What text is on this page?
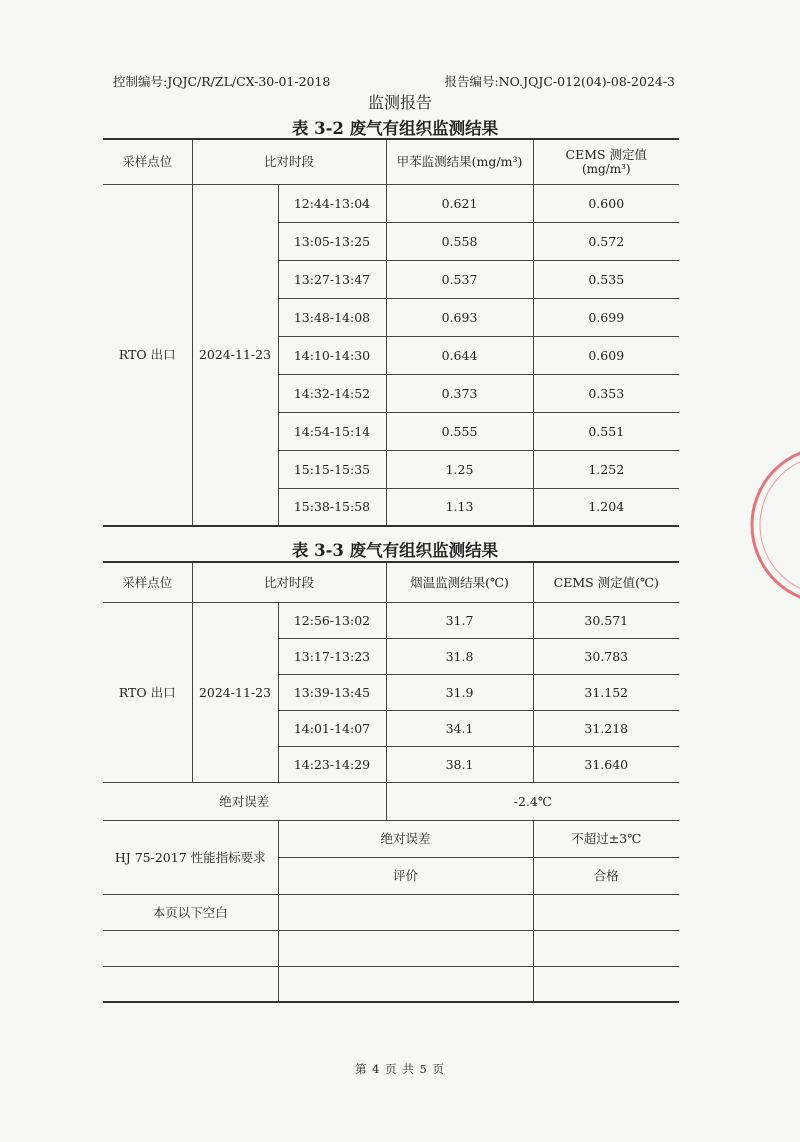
控制编号:JQJC/R/ZL/CX-30-01-2018	报告编号:NO.JQJC-012(04)-08-2024-3
监测报告
表 3-2 废气有组织监测结果
采样点位	比对时段		甲苯监测结果(mg/m³)	CEMS 测定值
(mg/m³)

RTO 出口	2024-11-23	12:44-13:04	0.621	0.600
		13:05-13:25	0.558	0.572
		13:27-13:47	0.537	0.535
		13:48-14:08	0.693	0.699
		14:10-14:30	0.644	0.609
		14:32-14:52	0.373	0.353
		14:54-15:14	0.555	0.551
		15:15-15:35	1.25	1.252
		15:38-15:58	1.13	1.204
表 3-3 废气有组织监测结果
采样点位	比对时段		烟温监测结果(℃)	CEMS 测定值(℃)
RTO 出口	2024-11-23	12:56-13:02	31.7	30.571
		13:17-13:23	31.8	30.783
		13:39-13:45	31.9	31.152
		14:01-14:07	34.1	31.218
		14:23-14:29	38.1	31.640
绝对误差			-2.4℃	
HJ 75-2017 性能指标要求		绝对误差		不超过±3℃
		评价		合格
本页以下空白				

第 4 页 共 5 页
